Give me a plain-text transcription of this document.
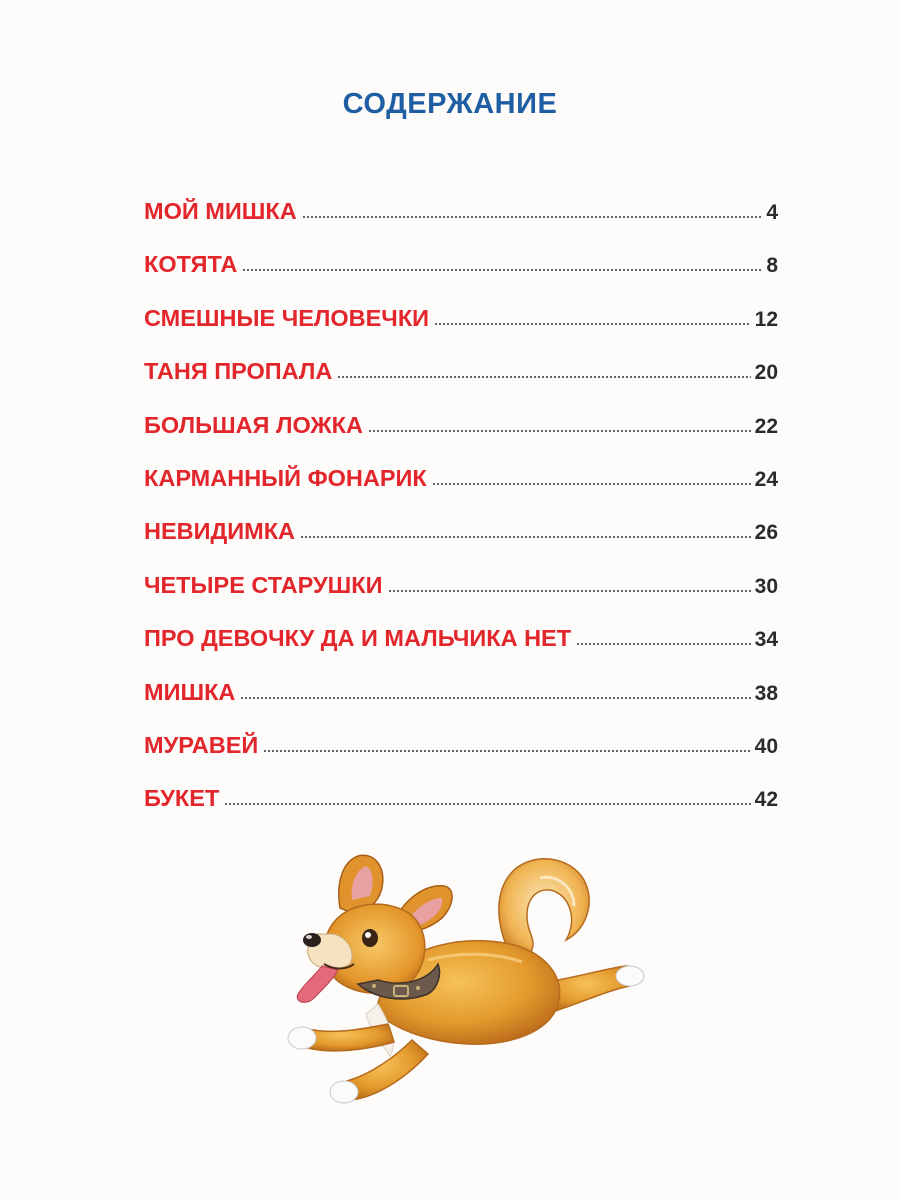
СОДЕРЖАНИЕ
МОЙ МИШКА	4
КОТЯТА	8
СМЕШНЫЕ ЧЕЛОВЕЧКИ	12
ТАНЯ ПРОПАЛА	20
БОЛЬШАЯ ЛОЖКА	22
КАРМАННЫЙ ФОНАРИК	24
НЕВИДИМКА	26
ЧЕТЫРЕ СТАРУШКИ	30
ПРО ДЕВОЧКУ ДА И МАЛЬЧИКА НЕТ	34
МИШКА	38
МУРАВЕЙ	40
БУКЕТ	42
